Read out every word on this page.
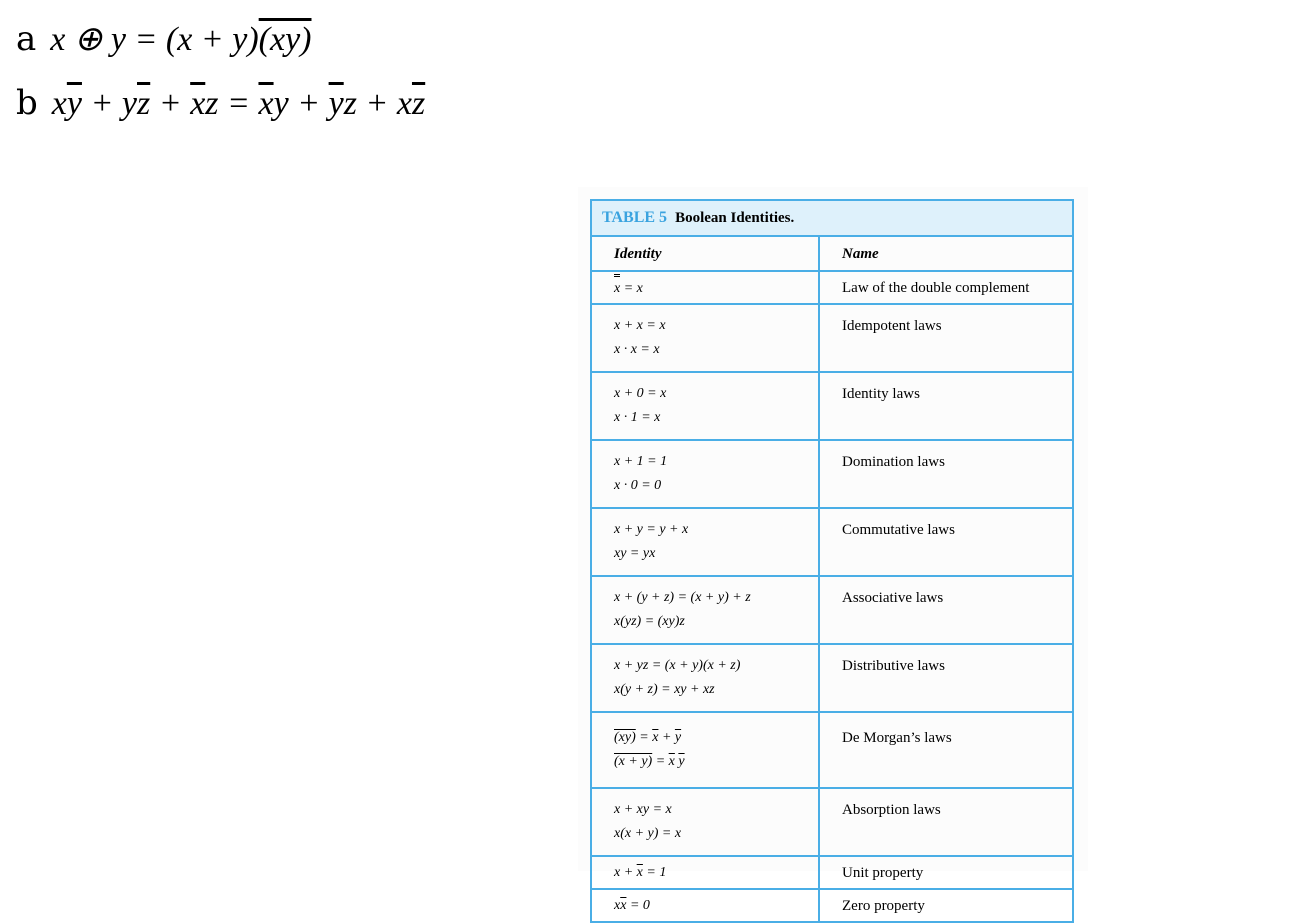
a x ⊕ y = (x + y)(xy)
b $x\overline{y} + y\overline{z} + \overline{x}z = \overline{x}y + \overline{y}z + x\overline{z}$
TABLE 5 Boolean Identities.	
Identity	Name

x = x	Law of the double complement

x + x = x
x · x = x	Idempotent laws

x + 0 = x
x · 1 = x	Identity laws

x + 1 = 1
x · 0 = 0	Domination laws

x + y = y + x
xy = yx	Commutative laws

x + (y + z) = (x + y) + z
x(yz) = (xy)z	Associative laws

x + yz = (x + y)(x + z)
x(y + z) = xy + xz	Distributive laws

$(xy) = \overline{x} + \overline{y}$
$(x + y) = \overline{x}$ $\overline{y}$	De Morgan’s laws

x + xy = x
x(x + y) = x	Absorption laws

$x + \overline{x} = 1$	Unit property

$x\overline{x} = 0$	Zero property
